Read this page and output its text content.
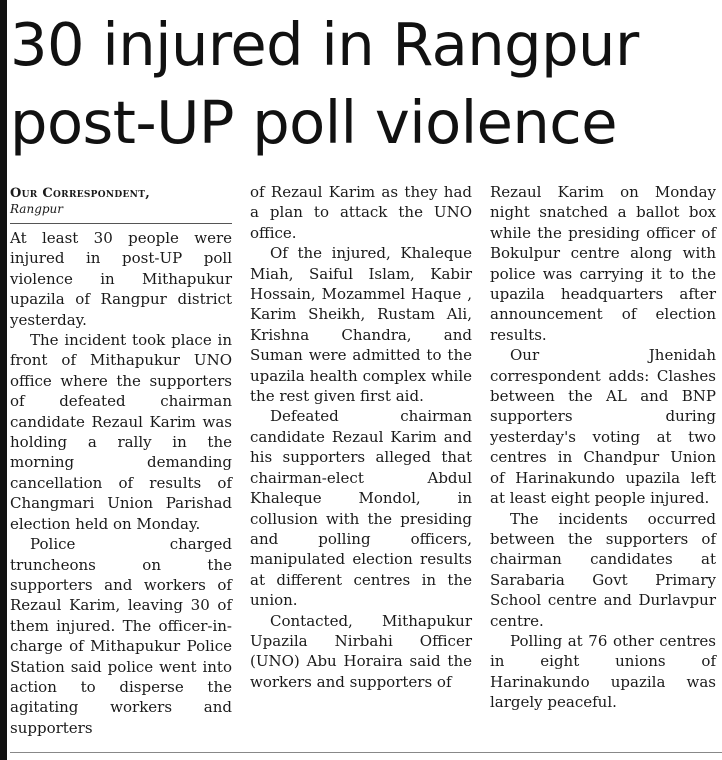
30 injured in Rangpur
post-UP poll violence
Our Correspondent,
Rangpur

At least 30 people were injured in post-UP poll violence in Mithapukur upazila of Rangpur district yesterday.

The incident took place in front of Mithapukur UNO office where the supporters of defeated chairman candidate Rezaul Karim was holding a rally in the morning demanding cancellation of results of Changmari Union Parishad election held on Monday.

Police charged truncheons on the supporters and workers of Rezaul Karim, leaving 30 of them injured. The officer-in-charge of Mithapukur Police Station said police went into action to disperse the agitating workers and supporters

of Rezaul Karim as they had a plan to attack the UNO office.

Of the injured, Khaleque Miah, Saiful Islam, Kabir Hossain, Mozammel Haque , Karim Sheikh, Rustam Ali, Krishna Chandra, and Suman were admitted to the upazila health complex while the rest given first aid.

Defeated chairman candidate Rezaul Karim and his supporters alleged that chairman-elect Abdul Khaleque Mondol, in collusion with the presiding and polling officers, manipulated election results at different centres in the union.

Contacted, Mithapukur Upazila Nirbahi Officer (UNO) Abu Horaira said the workers and supporters of

Rezaul Karim on Monday night snatched a ballot box while the presiding officer of Bokulpur centre along with police was carrying it to the upazila headquarters after announcement of election results.

Our Jhenidah correspondent adds: Clashes between the AL and BNP supporters during yesterday's voting at two centres in Chandpur Union of Harinakundo upazila left at least eight people injured.

The incidents occurred between the supporters of chairman candidates at Sarabaria Govt Primary School centre and Durlavpur centre.

Polling at 76 other centres in eight unions of Harinakundo upazila was largely peaceful.
